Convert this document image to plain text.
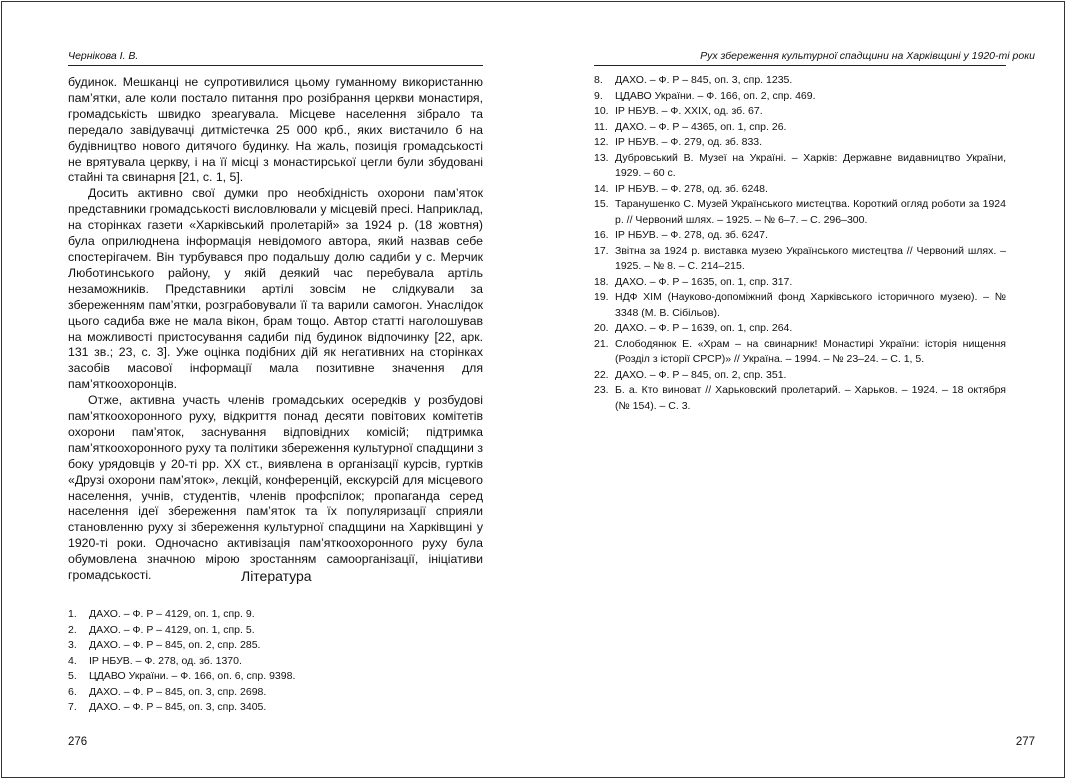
Чернікова І. В.

будинок. Мешканці не супротивилися цьому гуманному використанню пам’ятки, але коли постало питання про розібрання церкви монастиря, громадськість швидко зреагувала. Місцеве населення зібрало та передало завідувачці дитмістечка 25 000 крб., яких вистачило б на будівництво нового дитячого будинку. На жаль, позиція громадськості не врятувала церкву, і на її місці з монастирської цегли були збудовані стайні та свинарня [21, с. 1, 5].

Досить активно свої думки про необхідність охорони пам’яток представники громадськості висловлювали у місцевій пресі. Наприклад, на сторінках газети «Харківський пролетарій» за 1924 р. (18 жовтня) була оприлюднена інформація невідомого автора, який назвав себе спостерігачем. Він турбувався про подальшу долю садиби у с. Мерчик Люботинського району, у якій деякий час перебувала артіль незаможників. Представники артілі зовсім не слідкували за збереженням пам’ятки, розграбовували її та варили самогон. Унаслідок цього садиба вже не мала вікон, брам тощо. Автор статті наголошував на можливості пристосування садиби під будинок відпочинку [22, арк. 131 зв.; 23, с. 3]. Уже оцінка подібних дій як негативних на сторінках засобів масової інформації мала позитивне значення для пам’яткоохоронців.

Отже, активна участь членів громадських осередків у розбудові пам’яткоохоронного руху, відкриття понад десяти повітових комітетів охорони пам’яток, заснування відповідних комісій; підтримка пам’яткоохоронного руху та політики збереження культурної спадщини з боку урядовців у 20-ті рр. XX ст., виявлена в організації курсів, гуртків «Друзі охорони пам’яток», лекцій, конференцій, екскурсій для місцевого населення, учнів, студентів, членів профспілок; пропаганда серед населення ідеї збереження пам’яток та їх популяризації сприяли становленню руху зі збереження культурної спадщини на Харківщині у 1920-ті роки. Одночасно активізація пам’яткоохоронного руху була обумовлена значною мірою зростанням самоорганізації, ініціативи громадськості.	Література
1. ДАХО. – Ф. Р – 4129, оп. 1, спр. 9.
2. ДАХО. – Ф. Р – 4129, оп. 1, спр. 5.
3. ДАХО. – Ф. Р – 845, оп. 2, спр. 285.
4. ІР НБУВ. – Ф. 278, од. зб. 1370.
5. ЦДАВО України. – Ф. 166, оп. 6, спр. 9398.
6. ДАХО. – Ф. Р – 845, оп. 3, спр. 2698.
7. ДАХО. – Ф. Р – 845, оп. 3, спр. 3405.
276
Рух збереження культурної спадщини на Харківщині у 1920-ті роки
8. ДАХО. – Ф. Р – 845, оп. 3, спр. 1235.
9. ЦДАВО України. – Ф. 166, оп. 2, спр. 469.
10. ІР НБУВ. – Ф. XXIX, од. зб. 67.
11. ДАХО. – Ф. Р – 4365, оп. 1, спр. 26.
12. ІР НБУВ. – Ф. 279, од. зб. 833.
13. Дубровський В. Музеї на Україні. – Харків: Державне видавництво України, 1929. – 60 с.
14. ІР НБУВ. – Ф. 278, од. зб. 6248.
15. Таранушенко С. Музей Українського мистецтва. Короткий огляд роботи за 1924 р. // Червоний шлях. – 1925. – № 6–7. – С. 296–300.
16. ІР НБУВ. – Ф. 278, од. зб. 6247.
17. Звітна за 1924 р. виставка музею Українського мистецтва // Червоний шлях. – 1925. – № 8. – С. 214–215.
18. ДАХО. – Ф. Р – 1635, оп. 1, спр. 317.
19. НДФ ХІМ (Науково-допоміжний фонд Харківського історичного музею). – № 3348 (М. В. Сібільов).
20. ДАХО. – Ф. Р – 1639, оп. 1, спр. 264.
21. Слободянюк Е. «Храм – на свинарник! Монастирі України: історія нищення (Розділ з історії СРСР)» // Україна. – 1994. – № 23–24. – С. 1, 5.
22. ДАХО. – Ф. Р – 845, оп. 2, спр. 351.
23. Б. а. Кто виноват // Харьковский пролетарий. – Харьков. – 1924. – 18 октября (№ 154). – С. 3.
277
